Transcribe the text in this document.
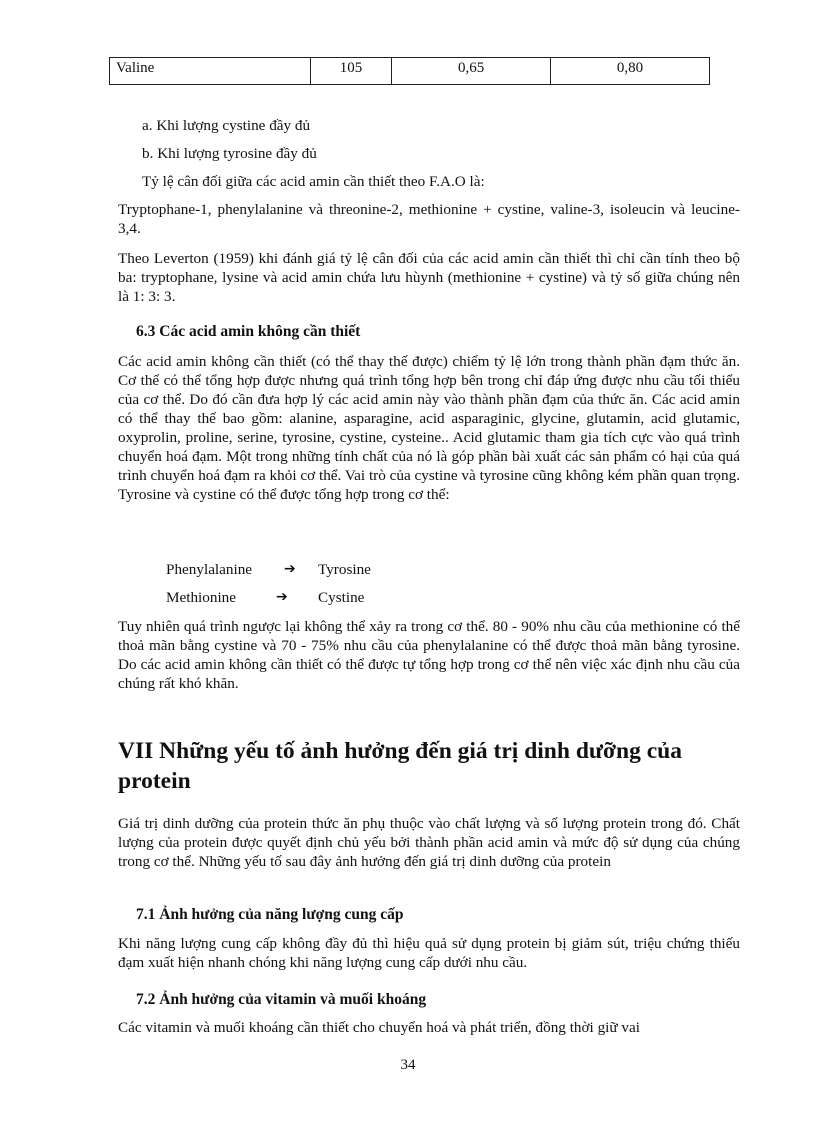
Valine	105	0,65	0,80

a. Khi lượng cystine đầy đủ

b. Khi lượng tyrosine đầy đủ

Tỷ lệ cân đối giữa các acid amin cần thiết theo F.A.O là:

Tryptophane-1, phenylalanine và threonine-2, methionine + cystine, valine-3, isoleucin và leucine-3,4.

Theo Leverton (1959) khi đánh giá tỷ lệ cân đối của các acid amin cần thiết thì chỉ cần tính theo bộ ba: tryptophane, lysine và acid amin chứa lưu hùynh (methionine + cystine) và tỷ số giữa chúng nên là 1: 3: 3.

6.3 Các acid amin không cần thiết

Các acid amin không cần thiết (có thể thay thế được) chiếm tỷ lệ lớn trong thành phần đạm thức ăn. Cơ thể có thể tổng hợp được nhưng quá trình tổng hợp bên trong chỉ đáp ứng được nhu cầu tối thiểu của cơ thể. Do đó cần đưa hợp lý các acid amin này vào thành phần đạm của thức ăn. Các acid amin có thể thay thế bao gồm: alanine, asparagine, acid asparaginic, glycine, glutamin, acid glutamic, oxyprolin, proline, serine, tyrosine, cystine, cysteine.. Acid glutamic tham gia tích cực vào quá trình chuyển hoá đạm. Một trong những tính chất của nó là góp phần bài xuất các sản phẩm có hại của quá trình chuyển hoá đạm ra khỏi cơ thể. Vai trò của cystine và tyrosine cũng không kém phần quan trọng. Tyrosine và cystine có thể được tổng hợp trong cơ thể:

Phenylalanine ➔ Tyrosine
Methionine	➔ Cystine

Tuy nhiên quá trình ngược lại không thể xảy ra trong cơ thể. 80 - 90% nhu cầu của methionine có thể thoả mãn bằng cystine và 70 - 75% nhu cầu của phenylalanine có thể được thoả mãn bằng tyrosine. Do các acid amin không cần thiết có thể được tự tổng hợp trong cơ thể nên việc xác định nhu cầu của chúng rất khó khăn.

VII Những yếu tố ảnh hưởng đến giá trị dinh dưỡng của protein

Giá trị dinh dưỡng của protein thức ăn phụ thuộc vào chất lượng và số lượng protein trong đó. Chất lượng của protein được quyết định chủ yếu bởi thành phần acid amin và mức độ sử dụng của chúng trong cơ thể. Những yếu tố sau đây ảnh hưởng đến giá trị dinh dưỡng của protein

7.1 Ảnh hưởng của năng lượng cung cấp

Khi năng lượng cung cấp không đầy đủ thì hiệu quả sử dụng protein bị giảm sút, triệu chứng thiếu đạm xuất hiện nhanh chóng khi năng lượng cung cấp dưới nhu cầu.

7.2 Ảnh hưởng của vitamin và muối khoáng

Các vitamin và muối khoáng cần thiết cho chuyển hoá và phát triển, đồng thời giữ vai

34
